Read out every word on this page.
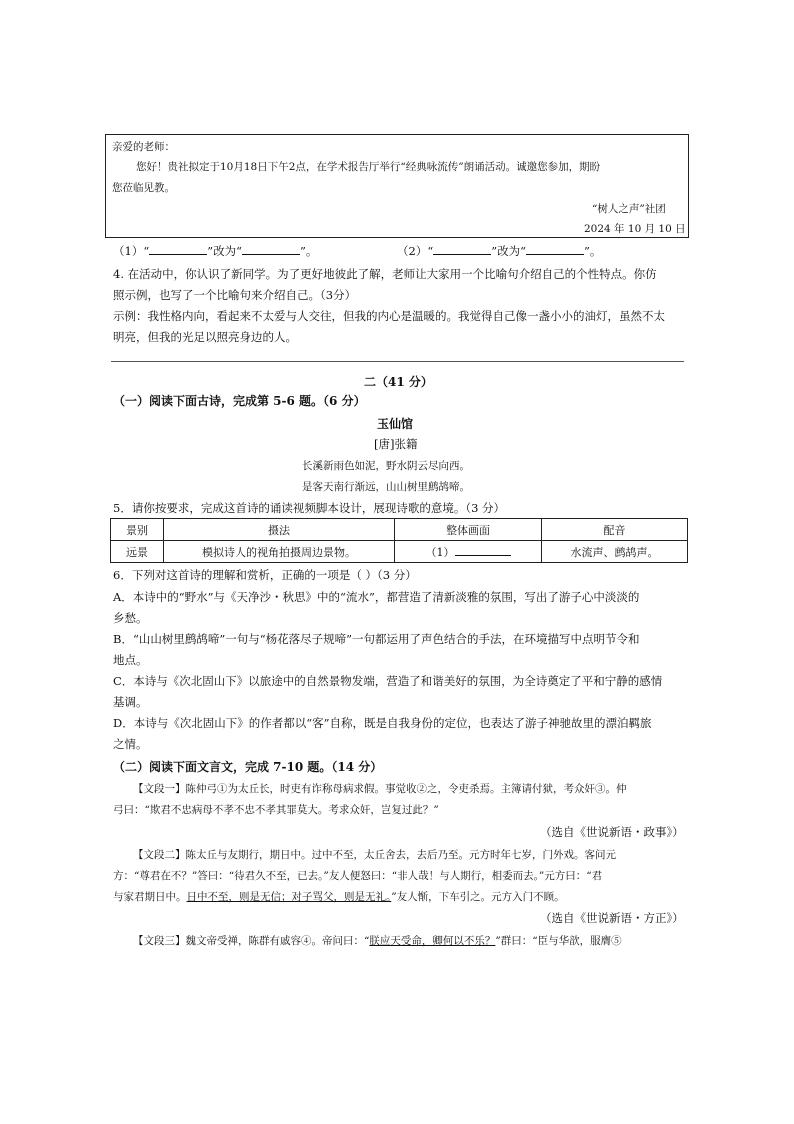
亲爱的老师：
您好！贵社拟定于10月18日下午2点，在学术报告厅举行“经典咏流传”朗诵活动。诚邀您参加，期盼
您莅临见教。
“树人之声”社团
2024 年 10 月 10 日
（1）“	”改为“	”。	（2）“	”改为“	”。
4. 在活动中，你认识了新同学。为了更好地彼此了解，老师让大家用一个比喻句介绍自己的个性特点。你仿
照示例，也写了一个比喻句来介绍自己。（3分）
示例：我性格内向，看起来不太爱与人交往，但我的内心是温暖的。我觉得自己像一盏小小的油灯，虽然不太
明亮，但我的光足以照亮身边的人。
二（41 分）
（一）阅读下面古诗，完成第 5-6 题。（6 分）
玉仙馆
[唐]张籍
长溪新雨色如泥，野水阴云尽向西。
是客天南行渐远，山山树里鹧鸪啼。
5．请你按要求，完成这首诗的诵读视频脚本设计，展现诗歌的意境。（3 分）
景别	摄法	整体画面	配音
远景	模拟诗人的视角拍摄周边景物。	（1）	水流声、鹧鸪声。
6．下列对这首诗的理解和赏析，正确的一项是（ ）（3 分）
A．本诗中的“野水”与《天净沙・秋思》中的“流水”，都营造了清新淡雅的氛围，写出了游子心中淡淡的
乡愁。
B．“山山树里鹧鸪啼”一句与“杨花落尽子规啼”一句都运用了声色结合的手法，在环境描写中点明节令和
地点。
C．本诗与《次北固山下》以旅途中的自然景物发端，营造了和谐美好的氛围，为全诗奠定了平和宁静的感情
基调。
D．本诗与《次北固山下》的作者都以“客”自称，既是自我身份的定位，也表达了游子神驰故里的漂泊羁旅
之情。
（二）阅读下面文言文，完成 7-10 题。（14 分）
【文段一】陈仲弓①为太丘长，时吏有诈称母病求假。事觉收②之，令吏杀焉。主簿请付狱，考众奸③。仲
弓曰：“欺君不忠病母不孝不忠不孝其罪莫大。考求众奸，岂复过此？”
（选自《世说新语・政事》）
【文段二】陈太丘与友期行，期日中。过中不至，太丘舍去，去后乃至。元方时年七岁，门外戏。客问元
方：“尊君在不？”答曰：“待君久不至，已去。”友人便怒曰：“非人哉！与人期行，相委而去。”元方曰：“君
与家君期日中。日中不至，则是无信；对子骂父，则是无礼。”友人惭，下车引之。元方入门不顾。
（选自《世说新语・方正》）
【文段三】魏文帝受禅，陈群有戚容④。帝问曰：“朕应天受命，卿何以不乐？”群曰：“臣与华歆，服膺⑤
